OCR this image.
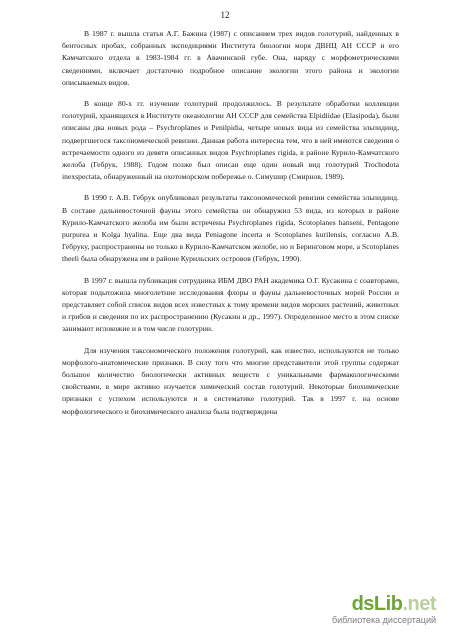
12

В 1987 г. вышла статья А.Г. Бажина (1987) с описанием трех видов голотурий, найденных в бентосных пробах, собранных экспедициями Института биологии моря ДВНЦ АН СССР и его Камчатского отдела в 1983-1984 гг. в Авачинской губе. Она, наряду с морфометрическими сведениями, включает достаточно подробное описание экологии этого района и экологии описываемых видов.

В конце 80-х гг. изучение голотурий продолжилось. В результате обработки коллекции голотурий, хранящихся в Институте океанологии АН СССР для семейства Elpidiidae (Elasipoda), были описаны два новых рода – Psychroplanes и Penilpidia, четыре новых вида из семейства эльпидиид, подвергшегося таксономической ревизии. Данная работа интересна тем, что в ней имеются сведения о встречаемости одного из девяти описанных видов Psychroplanes rigida, в районе Курило-Камчатского желоба (Гебрук, 1988). Годом позже был описан еще один новый вид голотурий Trochodota inexspectata, обнаруженный на охотоморском побережье о. Симушир (Смирнов, 1989).

В 1990 г. А.В. Гебрук опубликовал результаты таксономической ревизии семейства эльпидиид. В составе дальневосточной фауны этого семейства он обнаружил 53 вида, из которых в районе Курило-Камчатского желоба им были встречены Psychroplanes rigida, Scotoplanes hanseni, Pentagone purpurea и Kolga hyalina. Еще два вида Peniagone incerta и Scotoplanes kurilensis, согласно А.В. Гебруку, распространены не только в Курило-Камчатском желобе, но и Беринговом море, а Scotoplanes theeli была обнаружена им в районе Курильских островов (Гебрук, 1990).

В 1997 г. вышла публикация сотрудника ИБМ ДВО РАН академика О.Г. Кусакина с соавторами, которая подытожила многолетние исследования флоры и фауны дальневосточных морей России и представляет собой список видов всех известных к тому времени видов морских растений, животных и грибов и сведения по их распространению (Кусакин и др., 1997). Определенное место в этом списке занимают иглокожие и в том числе голотурии.

Для изучения таксономического положения голотурий, как известно, используются не только морфолого-анатомические признаки. В силу того что многие представители этой группы содержат большое количество биологически активных веществ с уникальными фармакологическими свойствами, в мире активно изучается химический состав голотурий. Некоторые биохимические признаки с успехом используются и в систематике голотурий. Так в 1997 г. на основе морфологического и биохимического анализа была подтверждена

dsLib.net
библиотека диссертаций
